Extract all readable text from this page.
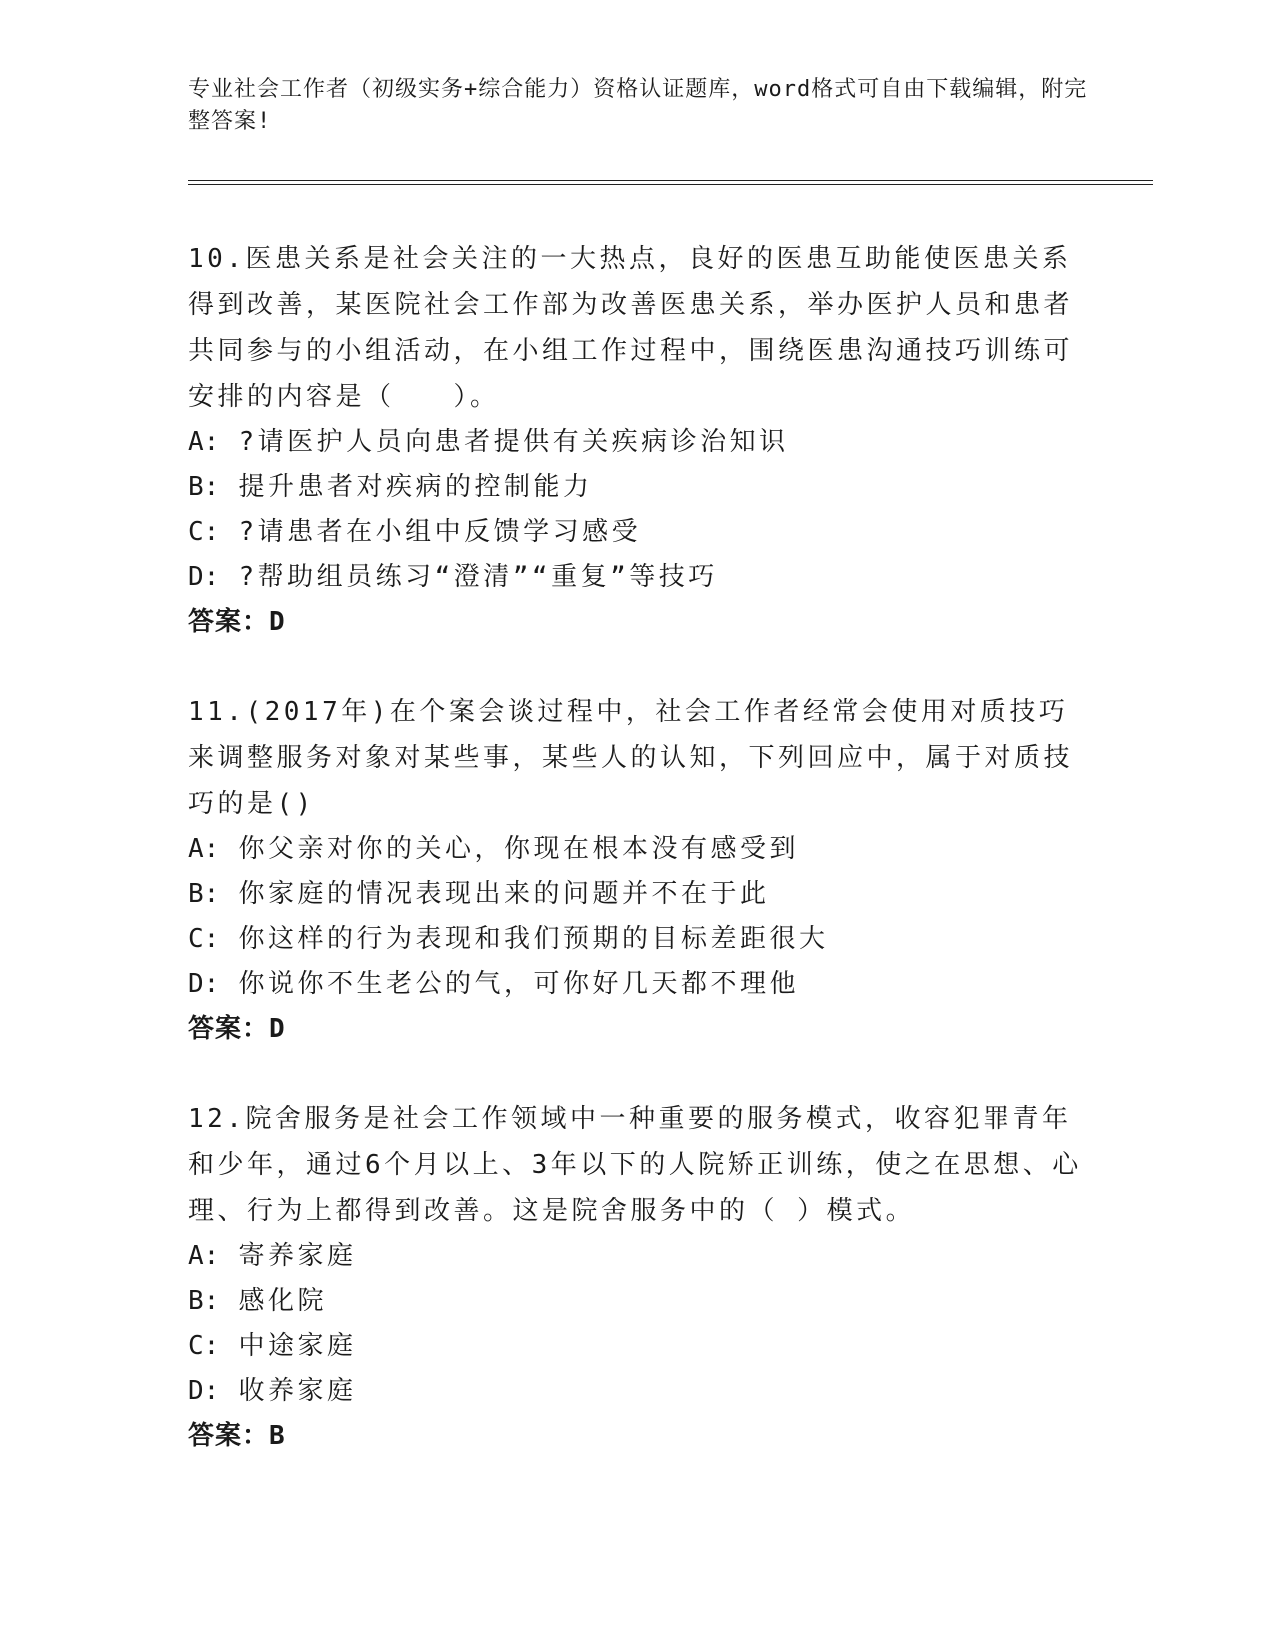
专业社会工作者（初级实务+综合能力）资格认证题库，word格式可自由下载编辑，附完整答案!
10.医患关系是社会关注的一大热点，良好的医患互助能使医患关系得到改善，某医院社会工作部为改善医患关系，举办医护人员和患者共同参与的小组活动，在小组工作过程中，围绕医患沟通技巧训练可安排的内容是（　　）。
A: ?请医护人员向患者提供有关疾病诊治知识
B: 提升患者对疾病的控制能力
C: ?请患者在小组中反馈学习感受
D: ?帮助组员练习“澄清”“重复”等技巧
答案：D
11.(2017年)在个案会谈过程中，社会工作者经常会使用对质技巧来调整服务对象对某些事，某些人的认知，下列回应中，属于对质技巧的是()
A: 你父亲对你的关心，你现在根本没有感受到
B: 你家庭的情况表现出来的问题并不在于此
C: 你这样的行为表现和我们预期的目标差距很大
D: 你说你不生老公的气，可你好几天都不理他
答案：D
12.院舍服务是社会工作领域中一种重要的服务模式，收容犯罪青年和少年，通过6个月以上、3年以下的人院矫正训练，使之在思想、心理、行为上都得到改善。这是院舍服务中的（ ）模式。
A: 寄养家庭
B: 感化院
C: 中途家庭
D: 收养家庭
答案：B
